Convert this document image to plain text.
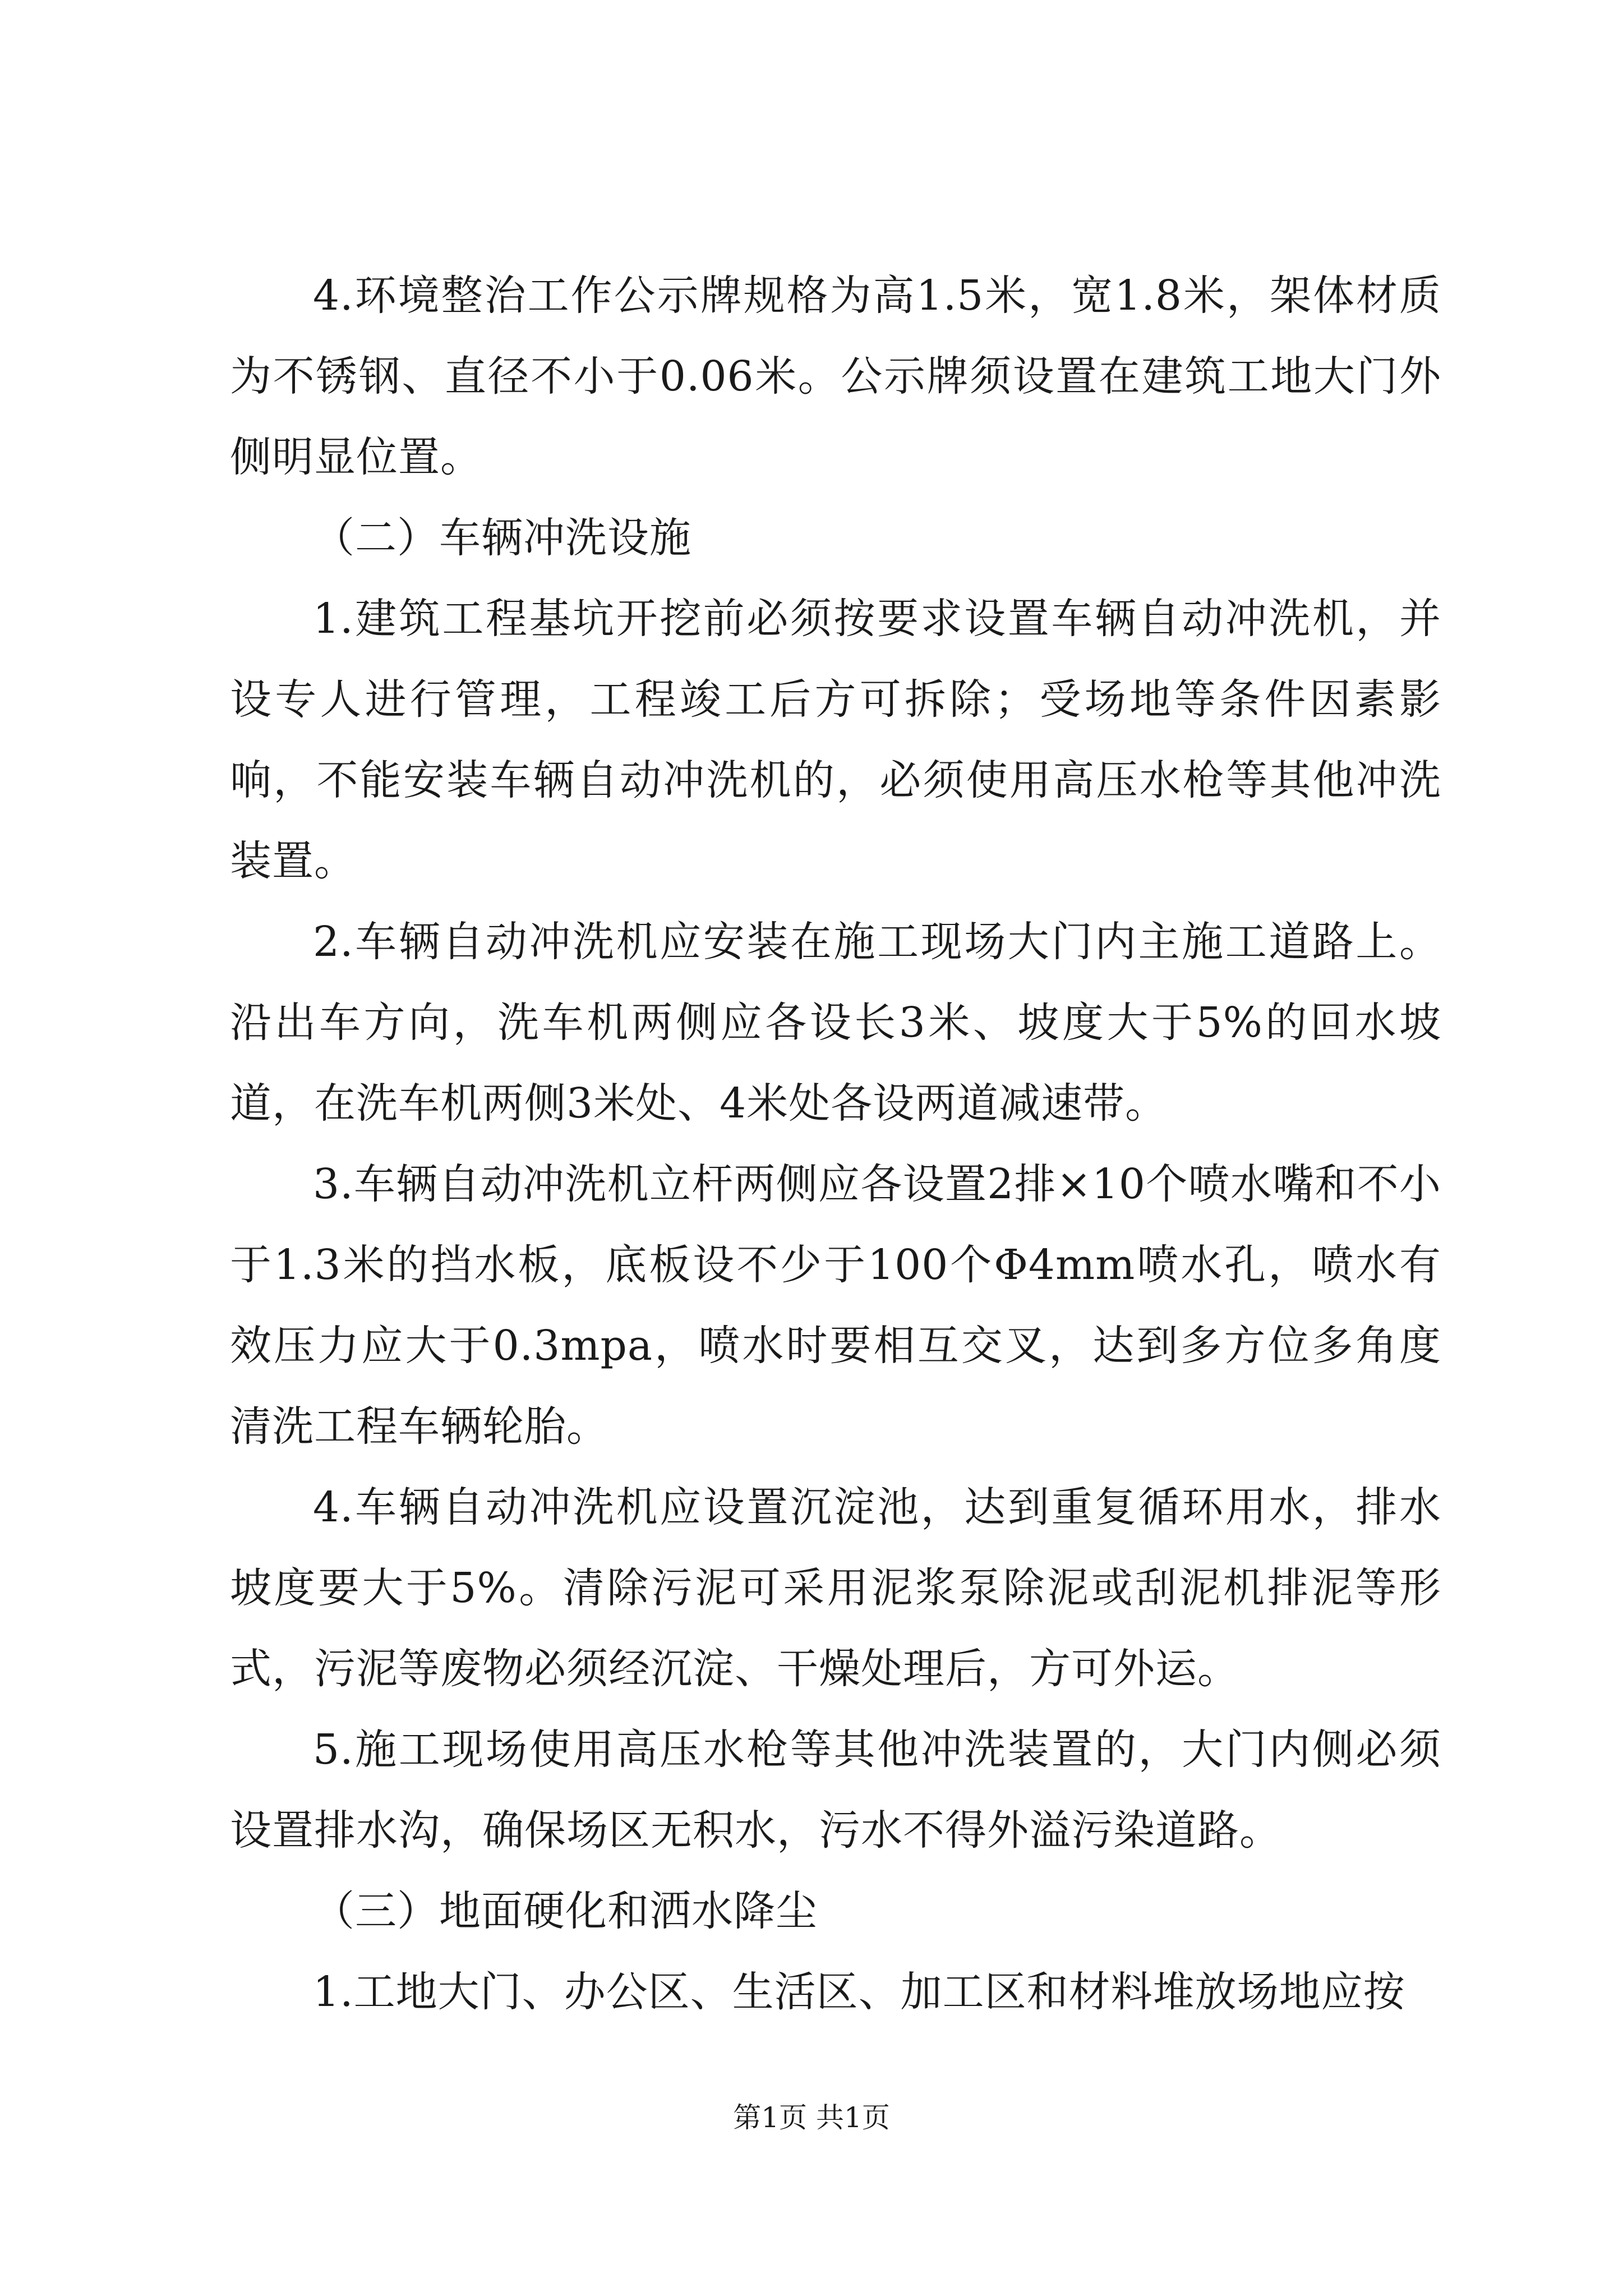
4.环境整治工作公示牌规格为高1.5米，宽1.8米，架体材质为不锈钢、直径不小于0.06米。公示牌须设置在建筑工地大门外侧明显位置。

（二）车辆冲洗设施

1.建筑工程基坑开挖前必须按要求设置车辆自动冲洗机，并设专人进行管理，工程竣工后方可拆除；受场地等条件因素影响，不能安装车辆自动冲洗机的，必须使用高压水枪等其他冲洗装置。

2.车辆自动冲洗机应安装在施工现场大门内主施工道路上。沿出车方向，洗车机两侧应各设长3米、坡度大于5%的回水坡道，在洗车机两侧3米处、4米处各设两道减速带。

3.车辆自动冲洗机立杆两侧应各设置2排×10个喷水嘴和不小于1.3米的挡水板，底板设不少于100个Φ4mm喷水孔，喷水有效压力应大于0.3mpa，喷水时要相互交叉，达到多方位多角度清洗工程车辆轮胎。

4.车辆自动冲洗机应设置沉淀池，达到重复循环用水，排水坡度要大于5%。清除污泥可采用泥浆泵除泥或刮泥机排泥等形式，污泥等废物必须经沉淀、干燥处理后，方可外运。

5.施工现场使用高压水枪等其他冲洗装置的，大门内侧必须设置排水沟，确保场区无积水，污水不得外溢污染道路。

（三）地面硬化和洒水降尘

1.工地大门、办公区、生活区、加工区和材料堆放场地应按

第1页 共1页
